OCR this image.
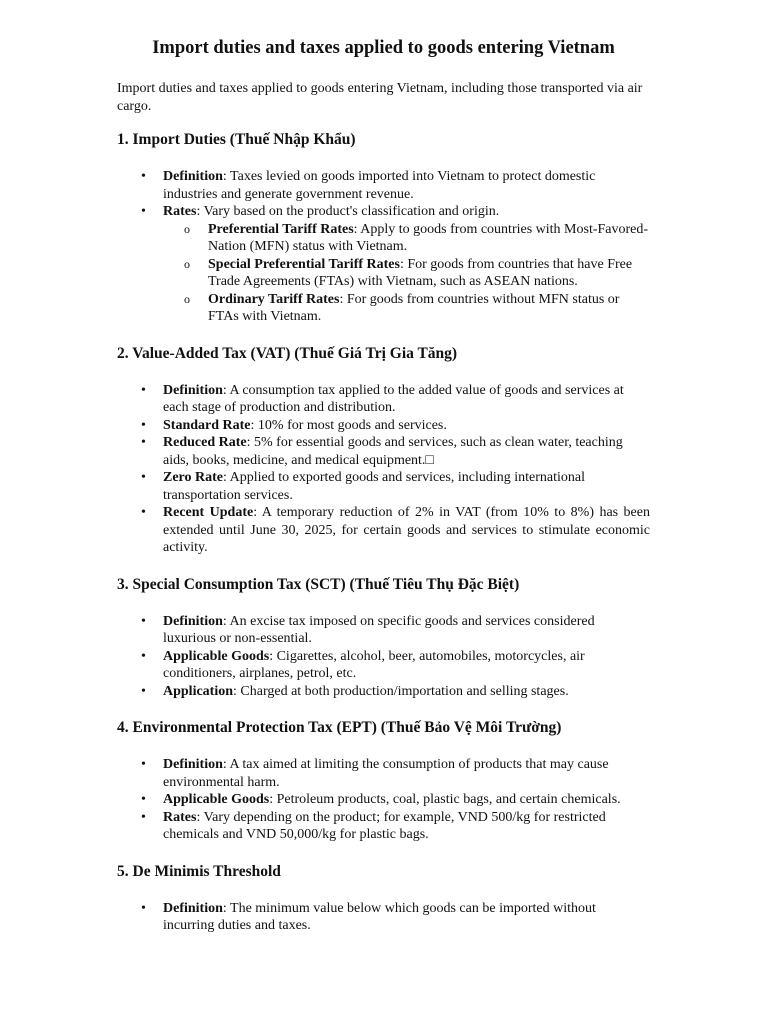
Import duties and taxes applied to goods entering Vietnam

Import duties and taxes applied to goods entering Vietnam, including those transported via air cargo.

1. Import Duties (Thuế Nhập Khẩu)
•	Definition: Taxes levied on goods imported into Vietnam to protect domestic industries and generate government revenue.
•	Rates: Vary based on the product's classification and origin.
o Preferential Tariff Rates: Apply to goods from countries with Most-Favored-Nation (MFN) status with Vietnam.
o Special Preferential Tariff Rates: For goods from countries that have Free Trade Agreements (FTAs) with Vietnam, such as ASEAN nations.
o Ordinary Tariff Rates: For goods from countries without MFN status or FTAs with Vietnam.
2. Value-Added Tax (VAT) (Thuế Giá Trị Gia Tăng)
•	Definition: A consumption tax applied to the added value of goods and services at each stage of production and distribution.
•	Standard Rate: 10% for most goods and services.
•	Reduced Rate: 5% for essential goods and services, such as clean water, teaching aids, books, medicine, and medical equipment.□
•	Zero Rate: Applied to exported goods and services, including international transportation services.
•	Recent Update: A temporary reduction of 2% in VAT (from 10% to 8%) has been extended until June 30, 2025, for certain goods and services to stimulate economic activity.
3. Special Consumption Tax (SCT) (Thuế Tiêu Thụ Đặc Biệt)
•	Definition: An excise tax imposed on specific goods and services considered luxurious or non-essential.
•	Applicable Goods: Cigarettes, alcohol, beer, automobiles, motorcycles, air conditioners, airplanes, petrol, etc.
•	Application: Charged at both production/importation and selling stages.
4. Environmental Protection Tax (EPT) (Thuế Bảo Vệ Môi Trường)
•	Definition: A tax aimed at limiting the consumption of products that may cause environmental harm.
•	Applicable Goods: Petroleum products, coal, plastic bags, and certain chemicals.
•	Rates: Vary depending on the product; for example, VND 500/kg for restricted chemicals and VND 50,000/kg for plastic bags.
5. De Minimis Threshold
•	Definition: The minimum value below which goods can be imported without incurring duties and taxes.
